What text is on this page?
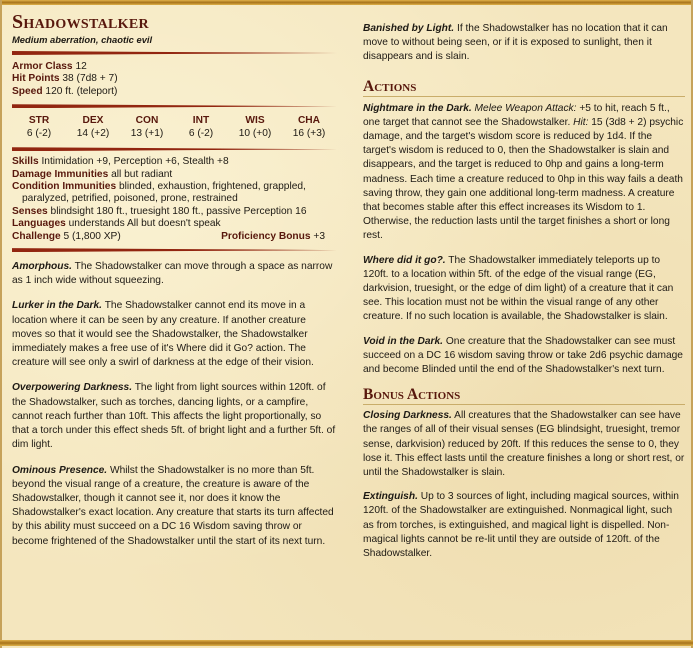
Shadowstalker
Medium aberration, chaotic evil

Armor Class 12

Hit Points 38 (7d8 + 7)

Speed 120 ft. (teleport)

STR
6 (-2)
DEX
14 (+2)
CON
13 (+1)
INT
6 (-2)
WIS
10 (+0)
CHA
16 (+3)

Skills Intimidation +9, Perception +6, Stealth +8

Damage Immunities all but radiant

Condition Immunities blinded, exhaustion, frightened, grappled, paralyzed, petrified, poisoned, prone, restrained

Senses blindsight 180 ft., truesight 180 ft., passive Perception 16

Languages understands All but doesn't speak

Challenge 5 (1,800 XP)	Proficiency Bonus +3

Amorphous. The Shadowstalker can move through a space as narrow as 1 inch wide without squeezing.

Lurker in the Dark. The Shadowstalker cannot end its move in a location where it can be seen by any creature. If another creature moves so that it would see the Shadowstalker, the Shadowstalker immediately makes a free use of it's Where did it Go? action. The creature will see only a swirl of darkness at the edge of their vision.

Overpowering Darkness. The light from light sources within 120ft. of the Shadowstalker, such as torches, dancing lights, or a campfire, cannot reach further than 10ft. This affects the light proportionally, so that a torch under this effect sheds 5ft. of bright light and a further 5ft. of dim light.

Ominous Presence. Whilst the Shadowstalker is no more than 5ft. beyond the visual range of a creature, the creature is aware of the Shadowstalker, though it cannot see it, nor does it know the Shadowstalker's exact location. Any creature that starts its turn affected by this ability must succeed on a DC 16 Wisdom saving throw or become frightened of the Shadowstalker until the start of its next turn.

Banished by Light. If the Shadowstalker has no location that it can move to without being seen, or if it is exposed to sunlight, then it disappears and is slain.

Actions

Nightmare in the Dark. Melee Weapon Attack: +5 to hit, reach 5 ft., one target that cannot see the Shadowstalker. Hit: 15 (3d8 + 2) psychic damage, and the target's wisdom score is reduced by 1d4. If the target's wisdom is reduced to 0, then the Shadowstalker is slain and disappears, and the target is reduced to 0hp and gains a long-term madness. Each time a creature reduced to 0hp in this way fails a death saving throw, they gain one additional long-term madness. A creature that becomes stable after this effect increases its Wisdom to 1. Otherwise, the reduction lasts until the target finishes a short or long rest.

Where did it go?. The Shadowstalker immediately teleports up to 120ft. to a location within 5ft. of the edge of the visual range (EG, darkvision, truesight, or the edge of dim light) of a creature that it can see. This location must not be within the visual range of any other creature. If no such location is available, the Shadowstalker is slain.

Void in the Dark. One creature that the Shadowstalker can see must succeed on a DC 16 wisdom saving throw or take 2d6 psychic damage and become Blinded until the end of the Shadowstalker's next turn.

Bonus Actions

Closing Darkness. All creatures that the Shadowstalker can see have the ranges of all of their visual senses (EG blindsight, truesight, tremor sense, darkvision) reduced by 20ft. If this reduces the sense to 0, they lose it. This effect lasts until the creature finishes a long or short rest, or until the Shadowstalker is slain.

Extinguish. Up to 3 sources of light, including magical sources, within 120ft. of the Shadowstalker are extinguished. Nonmagical light, such as from torches, is extinguished, and magical light is dispelled. Non-magical lights cannot be re-lit until they are outside of 120ft. of the Shadowstalker.
